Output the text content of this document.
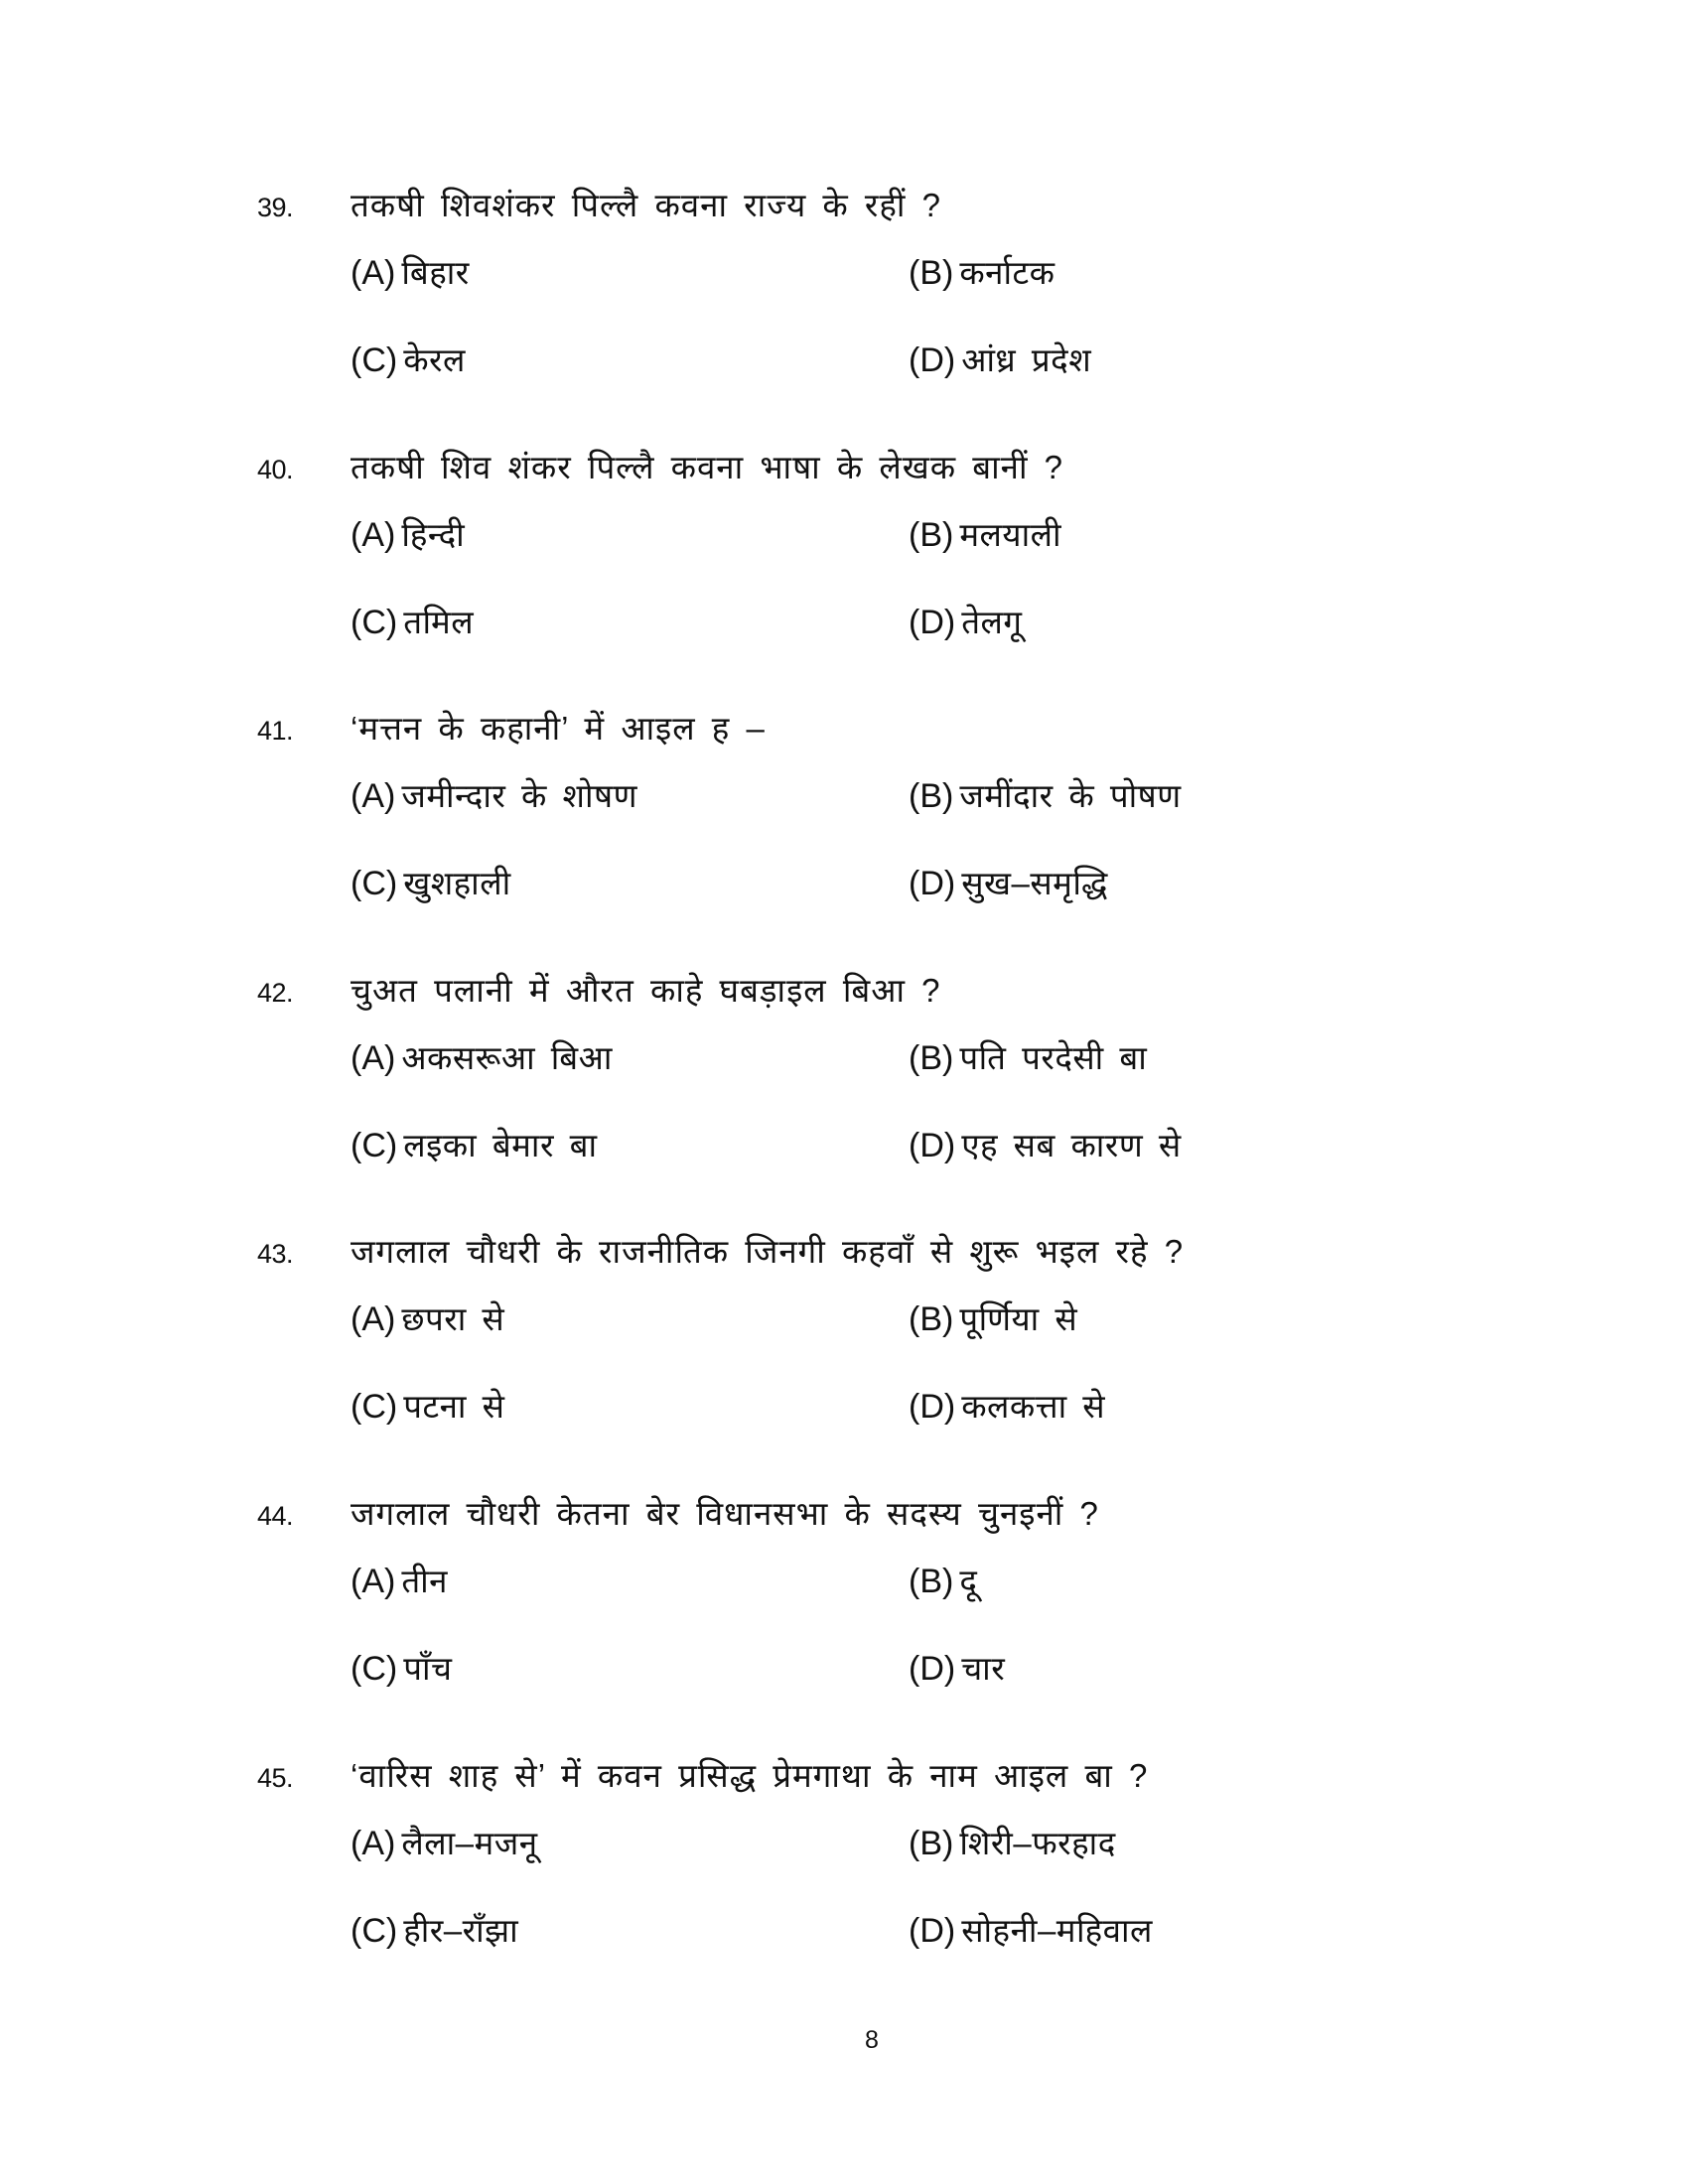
39. तकषी शिवशंकर पिल्लै कवना राज्य के रहीं ?
(A) बिहार	(B) कर्नाटक
(C) केरल	(D) आंध्र प्रदेश
40. तकषी शिव शंकर पिल्लै कवना भाषा के लेखक बानीं ?
(A) हिन्दी	(B) मलयाली
(C) तमिल	(D) तेलगू
41. ‘मत्तन के कहानी’ में आइल ह –
(A) जमीन्दार के शोषण	(B) जमींदार के पोषण
(C) खुशहाली	(D) सुख–समृद्धि
42. चुअत पलानी में औरत काहे घबड़ाइल बिआ ?
(A) अकसरूआ बिआ	(B) पति परदेसी बा
(C) लइका बेमार बा	(D) एह सब कारण से
43. जगलाल चौधरी के राजनीतिक जिनगी कहवाँ से शुरू भइल रहे ?
(A) छपरा से	(B) पूर्णिया से
(C) पटना से	(D) कलकत्ता से
44. जगलाल चौधरी केतना बेर विधानसभा के सदस्य चुनइनीं ?
(A) तीन	(B) दू
(C) पाँच	(D) चार
45. ‘वारिस शाह से’ में कवन प्रसिद्ध प्रेमगाथा के नाम आइल बा ?
(A) लैला–मजनू	(B) शिरी–फरहाद
(C) हीर–राँझा	(D) सोहनी–महिवाल
8
